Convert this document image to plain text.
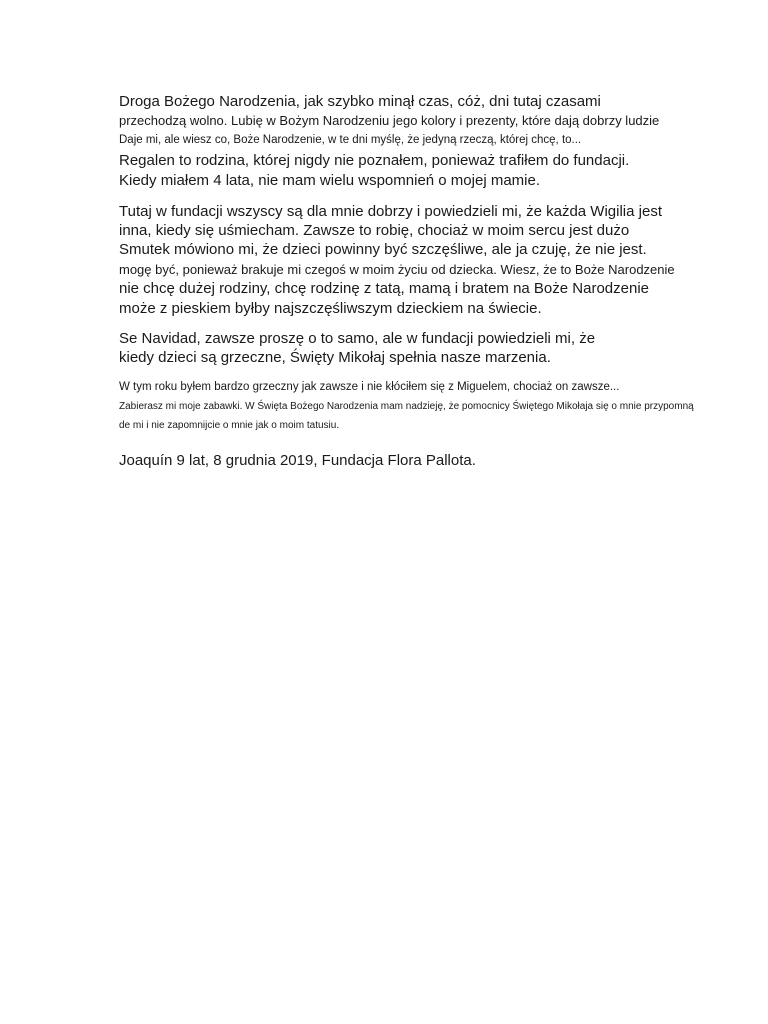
Droga Bożego Narodzenia, jak szybko minął czas, cóż, dni tutaj czasami
przechodzą wolno. Lubię w Bożym Narodzeniu jego kolory i prezenty, które dają dobrzy ludzie
Daje mi, ale wiesz co, Boże Narodzenie, w te dni myślę, że jedyną rzeczą, której chcę, to...
Regalen to rodzina, której nigdy nie poznałem, ponieważ trafiłem do fundacji.
Kiedy miałem 4 lata, nie mam wielu wspomnień o mojej mamie.
Tutaj w fundacji wszyscy są dla mnie dobrzy i powiedzieli mi, że każda Wigilia jest
inna, kiedy się uśmiecham. Zawsze to robię, chociaż w moim sercu jest dużo
Smutek mówiono mi, że dzieci powinny być szczęśliwe, ale ja czuję, że nie jest.
mogę być, ponieważ brakuje mi czegoś w moim życiu od dziecka. Wiesz, że to Boże Narodzenie
nie chcę dużej rodziny, chcę rodzinę z tatą, mamą i bratem na Boże Narodzenie
może z pieskiem byłby najszczęśliwszym dzieckiem na świecie.
Se Navidad, zawsze proszę o to samo, ale w fundacji powiedzieli mi, że
kiedy dzieci są grzeczne, Święty Mikołaj spełnia nasze marzenia.
W tym roku byłem bardzo grzeczny jak zawsze i nie kłóciłem się z Miguelem, chociaż on zawsze...
Zabierasz mi moje zabawki. W Święta Bożego Narodzenia mam nadzieję, że pomocnicy Świętego Mikołaja się o mnie przypomną
de mi i nie zapomnijcie o mnie jak o moim tatusiu.
Joaquín 9 lat, 8 grudnia 2019, Fundacja Flora Pallota.
